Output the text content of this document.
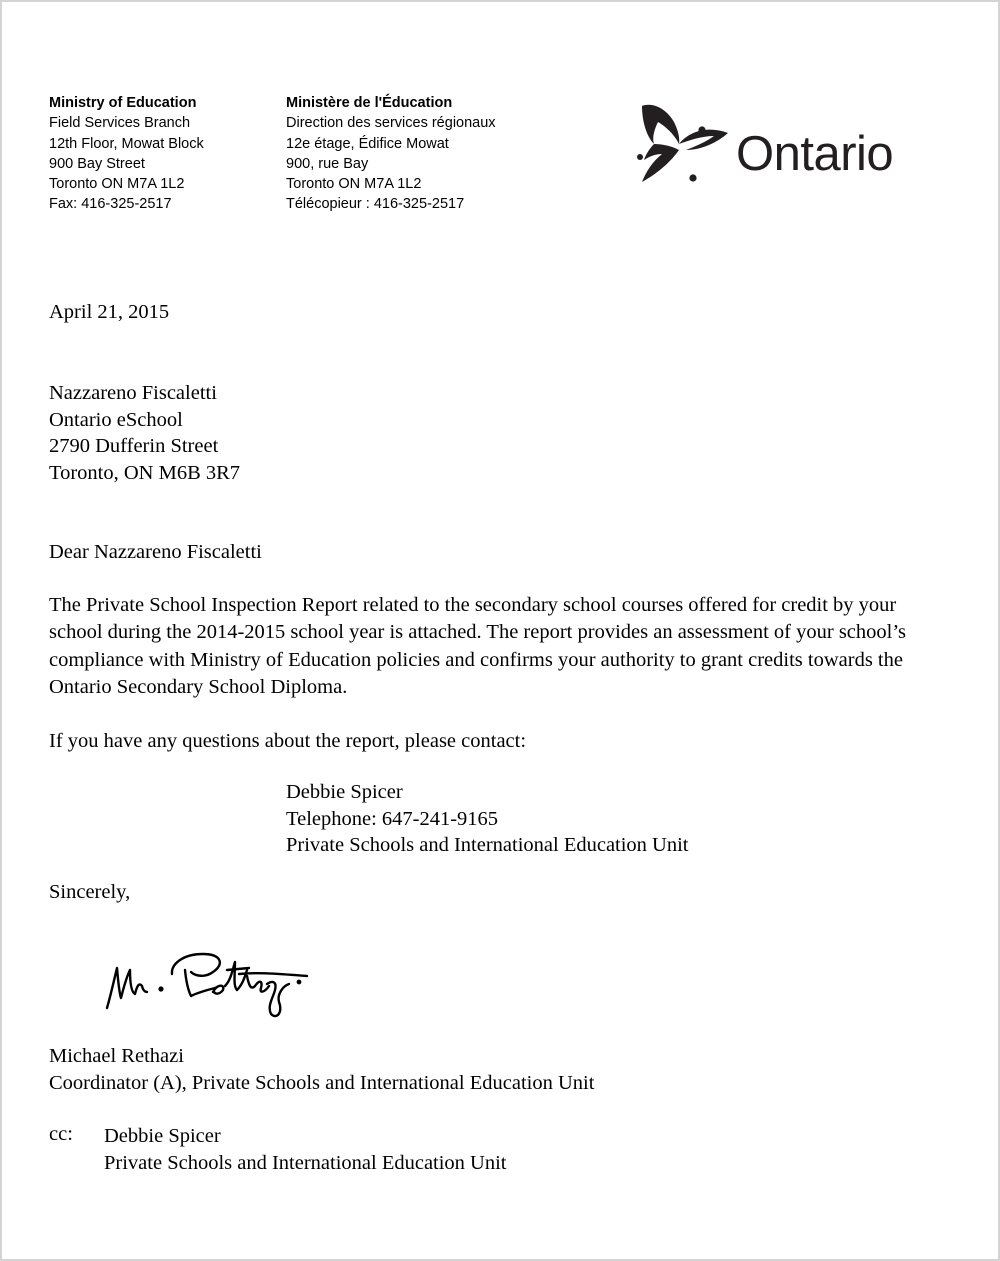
Ministry of Education
Field Services Branch
12th Floor, Mowat Block
900 Bay Street
Toronto ON M7A 1L2
Fax: 416-325-2517
Ministère de l'Éducation
Direction des services régionaux
12e étage, Édifice Mowat
900, rue Bay
Toronto ON M7A 1L2
Télécopieur : 416-325-2517
Ontario
April 21, 2015
Nazzareno Fiscaletti
Ontario eSchool
2790 Dufferin Street
Toronto, ON M6B 3R7
Dear Nazzareno Fiscaletti
The Private School Inspection Report related to the secondary school courses offered for credit by your school during the 2014-2015 school year is attached. The report provides an assessment of your school’s compliance with Ministry of Education policies and confirms your authority to grant credits towards the Ontario Secondary School Diploma.
If you have any questions about the report, please contact:
Debbie Spicer
Telephone: 647-241-9165
Private Schools and International Education Unit
Sincerely,
Michael Rethazi
Coordinator (A), Private Schools and International Education Unit
cc: Debbie Spicer
Private Schools and International Education Unit
